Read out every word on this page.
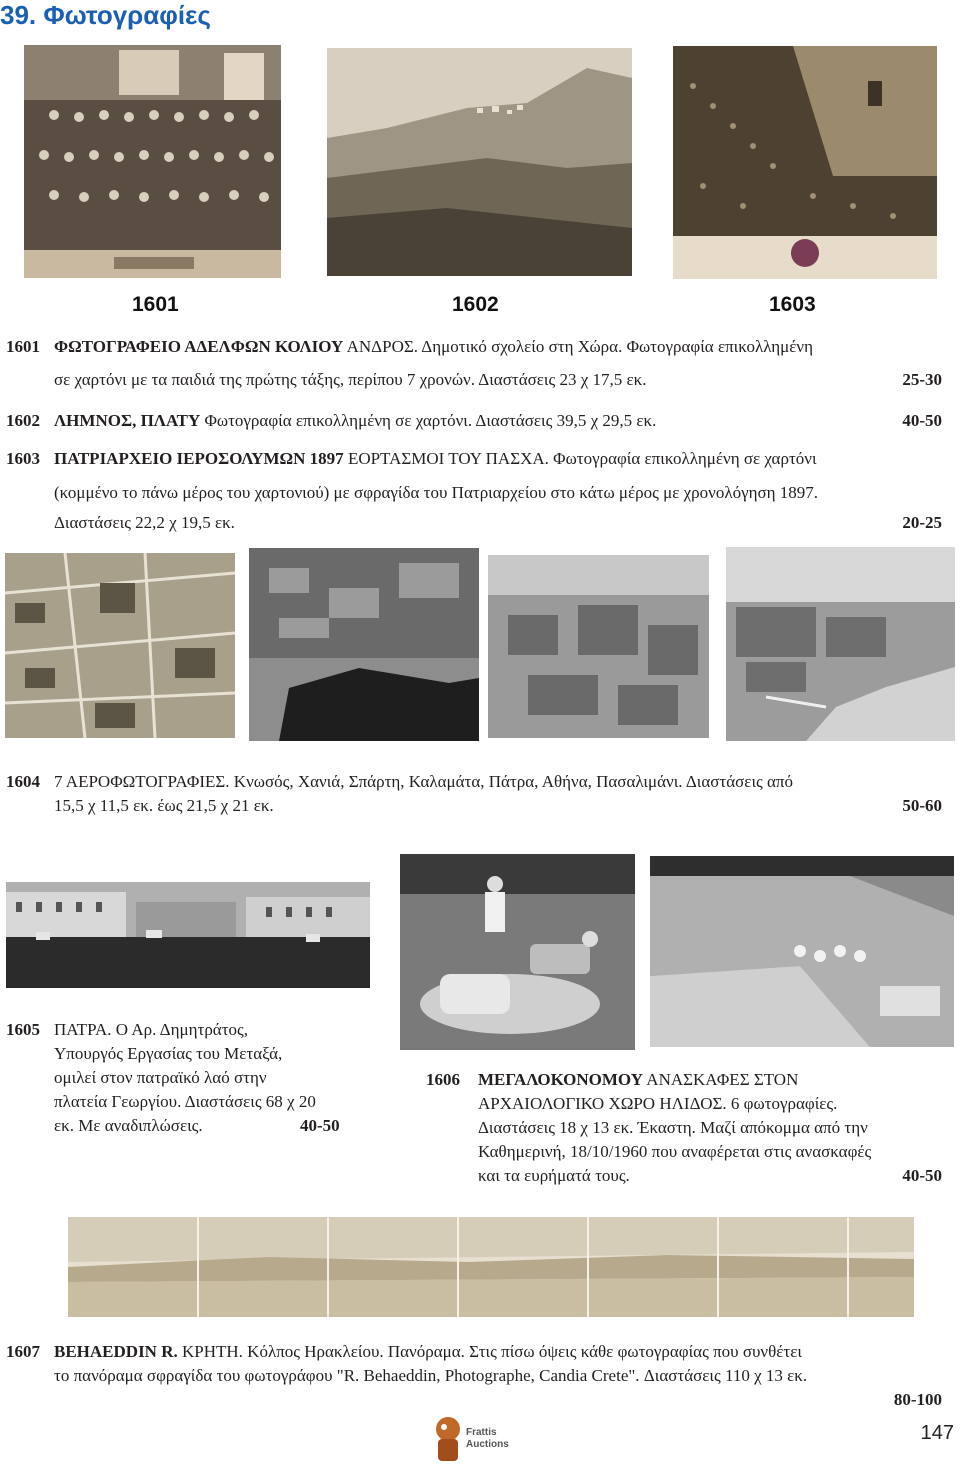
39. Φωτογραφίες
1601	1602	1603
1601 ΦΩΤΟΓΡΑΦΕΙΟ ΑΔΕΛΦΩΝ ΚΟΛΙΟΥ ΑΝΔΡΟΣ. Δημοτικό σχολείο στη Χώρα. Φωτογραφία επικολλημένη
σε χαρτόνι με τα παιδιά της πρώτης τάξης, περίπου 7 χρονών. Διαστάσεις 23 χ 17,5 εκ.	25-30
1602 ΛΗΜΝΟΣ, ΠΛΑΤΥ Φωτογραφία επικολλημένη σε χαρτόνι. Διαστάσεις 39,5 χ 29,5 εκ.	40-50
1603 ΠΑΤΡΙΑΡΧΕΙΟ ΙΕΡΟΣΟΛΥΜΩΝ 1897 ΕΟΡΤΑΣΜΟΙ ΤΟΥ ΠΑΣΧΑ. Φωτογραφία επικολλημένη σε χαρτόνι
(κομμένο το πάνω μέρος του χαρτονιού) με σφραγίδα του Πατριαρχείου στο κάτω μέρος με χρονολόγηση 1897.
Διαστάσεις 22,2 χ 19,5 εκ.	20-25
1604 7 ΑΕΡΟΦΩΤΟΓΡΑΦΙΕΣ. Κνωσός, Χανιά, Σπάρτη, Καλαμάτα, Πάτρα, Αθήνα, Πασαλιμάνι. Διαστάσεις από
15,5 χ 11,5 εκ. έως 21,5 χ 21 εκ.	50-60
1605 ΠΑΤΡΑ. Ο Αρ. Δημητράτος,
Υπουργός Εργασίας του Μεταξά,
ομιλεί στον πατραϊκό λαό στην
πλατεία Γεωργίου. Διαστάσεις 68 χ 20
εκ. Με αναδιπλώσεις.	40-50
1606 ΜΕΓΑΛΟΚΟΝΟΜΟΥ ΑΝΑΣΚΑΦΕΣ ΣΤΟΝ
ΑΡΧΑΙΟΛΟΓΙΚΟ ΧΩΡΟ ΗΛΙΔΟΣ. 6 φωτογραφίες.
Διαστάσεις 18 χ 13 εκ. Έκαστη. Μαζί απόκομμα από την
Καθημερινή, 18/10/1960 που αναφέρεται στις ανασκαφές
και τα ευρήματά τους.	40-50
1607 BEHAEDDIN R. ΚΡΗΤΗ. Κόλπος Ηρακλείου. Πανόραμα. Στις πίσω όψεις κάθε φωτογραφίας που συνθέτει
το πανόραμα σφραγίδα του φωτογράφου "R. Behaeddin, Photographe, Candia Crete". Διαστάσεις 110 χ 13 εκ.
80-100
Frattis
Auctions
147
